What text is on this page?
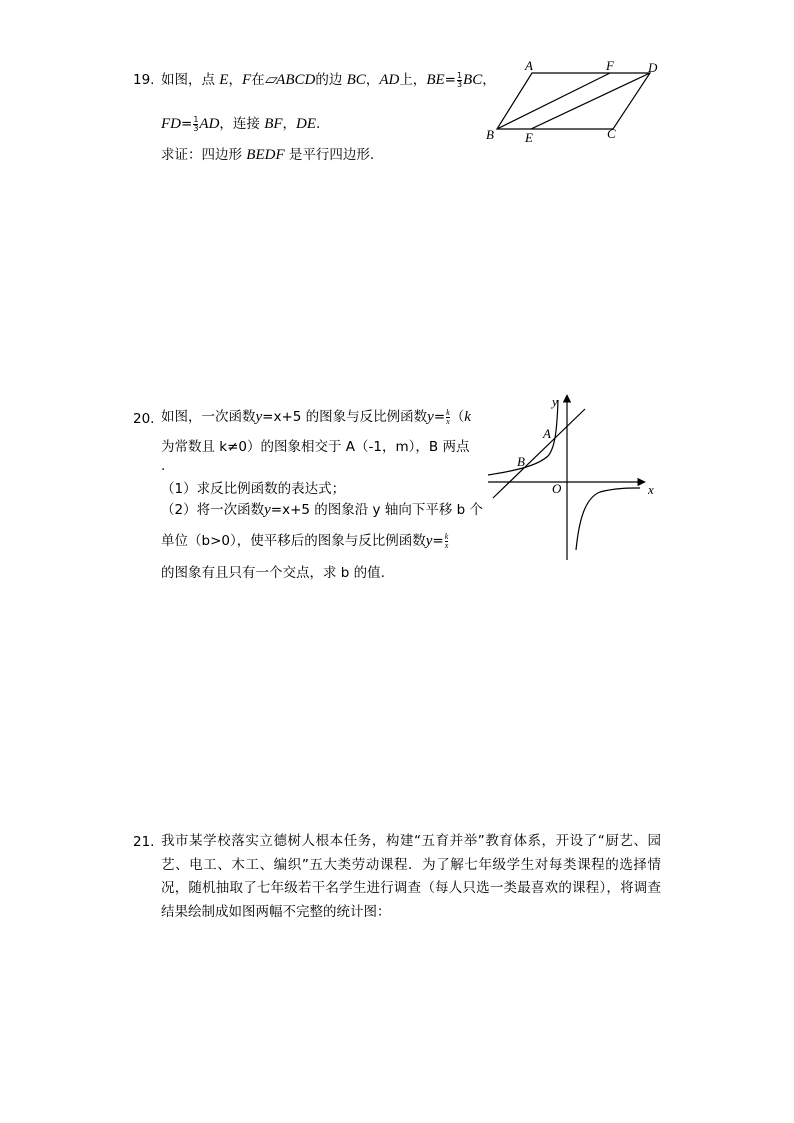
19. 如图，点 E，F在▱ABCD的边 BC，AD上，$BE= \frac{1}{3}$ BC，
$FD= \frac{1}{3}$ AD，连接 BF，DE.
求证：四边形 BEDF 是平行四边形.
A	F	D
B E	C
20. 如图，一次函数y=x+5 的图象与反比例函数$y= \frac{k}{x} (k$
为常数且 k≠0）的图象相交于 A（-1，m），B 两点
.
（1）求反比例函数的表达式；
（2）将一次函数y=x+5 的图象沿 y 轴向下平移 b 个
单位（b>0），使平移后的图象与反比例函数$y= \frac{k}{x}$
的图象有且只有一个交点，求 b 的值.
y
x
O
A
B
21. 我市某学校落实立德树人根本任务，构建“五育并举”教育体系，开设了“厨艺、园艺、电工、木工、编织”五大类劳动课程．为了解七年级学生对每类课程的选择情况，随机抽取了七年级若干名学生进行调查（每人只选一类最喜欢的课程），将调查结果绘制成如图两幅不完整的统计图：
